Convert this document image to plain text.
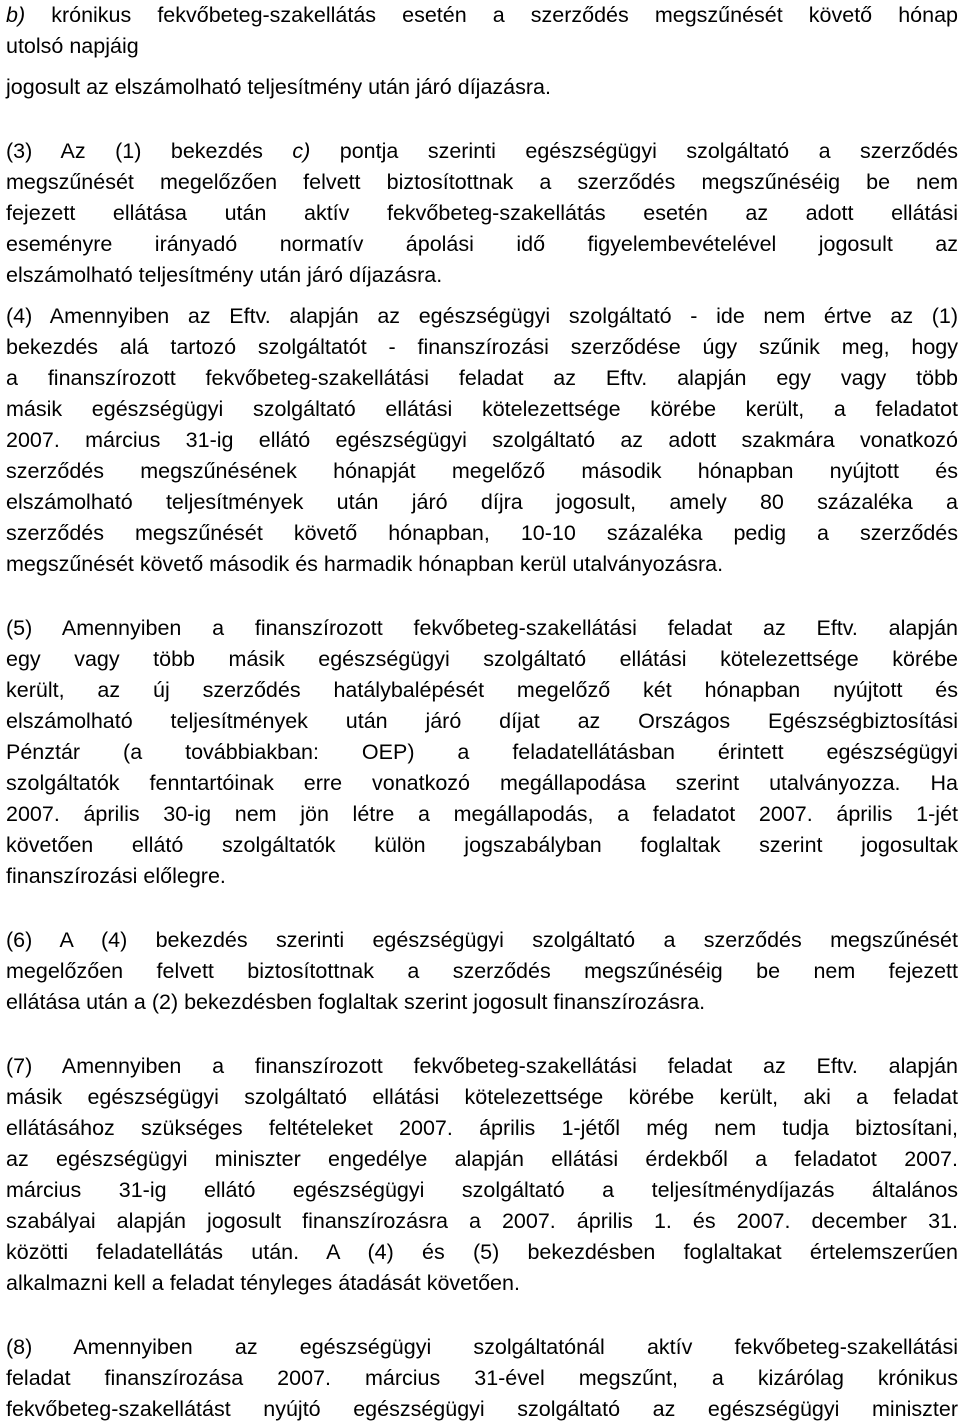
b) krónikus fekvőbeteg-szakellátás esetén a szerződés megszűnését követő hónap
utolsó napjáig

jogosult az elszámolható teljesítmény után járó díjazásra.

(3) Az (1) bekezdés c) pontja szerinti egészségügyi szolgáltató a szerződés
megszűnését megelőzően felvett biztosítottnak a szerződés megszűnéséig be nem
fejezett ellátása után aktív fekvőbeteg-szakellátás esetén az adott ellátási
eseményre irányadó normatív ápolási idő figyelembevételével jogosult az
elszámolható teljesítmény után járó díjazásra.

(4) Amennyiben az Eftv. alapján az egészségügyi szolgáltató - ide nem értve az (1)
bekezdés alá tartozó szolgáltatót - finanszírozási szerződése úgy szűnik meg, hogy
a finanszírozott fekvőbeteg-szakellátási feladat az Eftv. alapján egy vagy több
másik egészségügyi szolgáltató ellátási kötelezettsége körébe került, a feladatot
2007. március 31-ig ellátó egészségügyi szolgáltató az adott szakmára vonatkozó
szerződés megszűnésének hónapját megelőző második hónapban nyújtott és
elszámolható teljesítmények után járó díjra jogosult, amely 80 százaléka a
szerződés megszűnését követő hónapban, 10-10 százaléka pedig a szerződés
megszűnését követő második és harmadik hónapban kerül utalványozásra.

(5) Amennyiben a finanszírozott fekvőbeteg-szakellátási feladat az Eftv. alapján
egy vagy több másik egészségügyi szolgáltató ellátási kötelezettsége körébe
került, az új szerződés hatálybalépését megelőző két hónapban nyújtott és
elszámolható teljesítmények után járó díjat az Országos Egészségbiztosítási
Pénztár (a továbbiakban: OEP) a feladatellátásban érintett egészségügyi
szolgáltatók fenntartóinak erre vonatkozó megállapodása szerint utalványozza. Ha
2007. április 30-ig nem jön létre a megállapodás, a feladatot 2007. április 1-jét
követően ellátó szolgáltatók külön jogszabályban foglaltak szerint jogosultak
finanszírozási előlegre.

(6) A (4) bekezdés szerinti egészségügyi szolgáltató a szerződés megszűnését
megelőzően felvett biztosítottnak a szerződés megszűnéséig be nem fejezett
ellátása után a (2) bekezdésben foglaltak szerint jogosult finanszírozásra.

(7) Amennyiben a finanszírozott fekvőbeteg-szakellátási feladat az Eftv. alapján
másik egészségügyi szolgáltató ellátási kötelezettsége körébe került, aki a feladat
ellátásához szükséges feltételeket 2007. április 1-jétől még nem tudja biztosítani,
az egészségügyi miniszter engedélye alapján ellátási érdekből a feladatot 2007.
március 31-ig ellátó egészségügyi szolgáltató a teljesítménydíjazás általános
szabályai alapján jogosult finanszírozásra a 2007. április 1. és 2007. december 31.
közötti feladatellátás után. A (4) és (5) bekezdésben foglaltakat értelemszerűen
alkalmazni kell a feladat tényleges átadását követően.

(8) Amennyiben az egészségügyi szolgáltatónál aktív fekvőbeteg-szakellátási
feladat finanszírozása 2007. március 31-ével megszűnt, a kizárólag krónikus
fekvőbeteg-szakellátást nyújtó egészségügyi szolgáltató az egészségügyi miniszter
